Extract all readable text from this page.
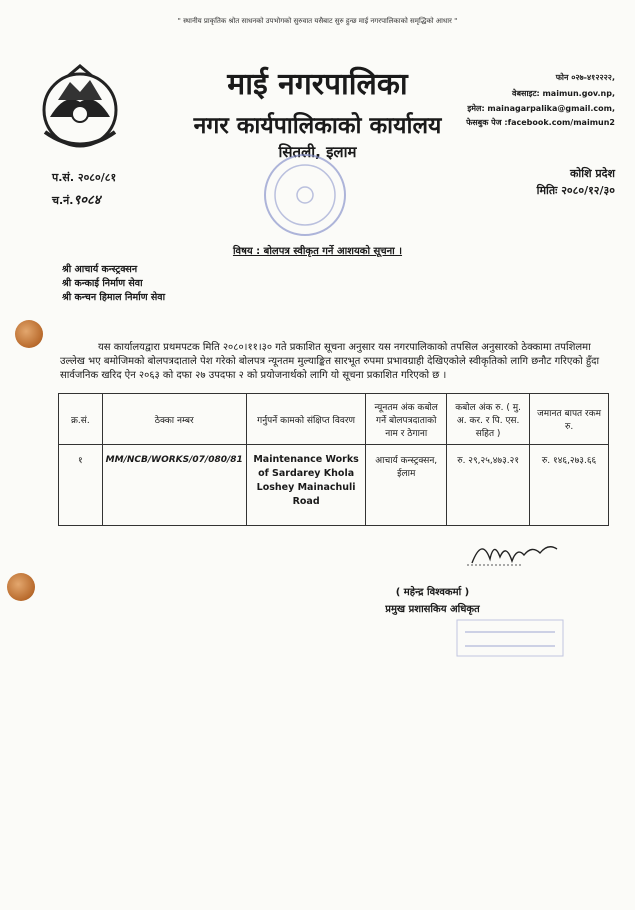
" स्थानीय प्राकृतिक श्रोत साधनको उपभोगको सुरुवात यसैबाट सुरु हुन्छ माई नगरपालिकाको समृद्धिको आधार "
माई नगरपालिका
नगर कार्यपालिकाको कार्यालय
सितली, इलाम
फोन ०२७-४१२२२२,
वेबसाइट: maimun.gov.np,
इमेल: mainagarpalika@gmail.com,
फेसबुक पेज :facebook.com/maimun2
प.सं. २०८०/८१
च.नं.९०८४
कोशि प्रदेश
मितिः २०८०/१२/३०
विषय : बोलपत्र स्वीकृत गर्ने आशयको सूचना ।
श्री आचार्य कन्स्ट्रक्सन
श्री कन्काई निर्माण सेवा
श्री कन्चन हिमाल निर्माण सेवा
यस कार्यालयद्वारा प्रथमपटक मिति २०८०।११।३० गते प्रकाशित सूचना अनुसार यस नगरपालिकाको तपसिल अनुसारको ठेक्कामा तपशिलमा उल्लेख भए बमोजिमको बोलपत्रदाताले पेश गरेको बोलपत्र न्यूनतम मुल्याङ्कित सारभूत रुपमा प्रभावग्राही देखिएकोले स्वीकृतिको लागि छनौट गरिएको हुँदा सार्वजनिक खरिद ऐन २०६३ को दफा २७ उपदफा २ को प्रयोजनार्थको लागि यो सूचना प्रकाशित गरिएको छ ।
क्र.सं.	ठेक्का नम्बर	गर्नुपर्ने कामको संक्षिप्त विवरण	न्यूनतम अंक कबोल गर्ने बोलपत्रदाताको नाम र ठेगाना	कबोल अंक रु. ( मु. अ. कर. र पि. एस. सहित )	जमानत बापत रकम रु.
१	MM/NCB/WORKS/07/080/81	Maintenance Works of Sardarey Khola Loshey Mainachuli Road	आचार्य कन्स्ट्रक्सन, ईलाम	रु. २९,२५,४७३.२१	रु. १४६,२७३.६६
( महेन्द्र विश्वकर्मा )
प्रमुख प्रशासकिय अधिकृत
